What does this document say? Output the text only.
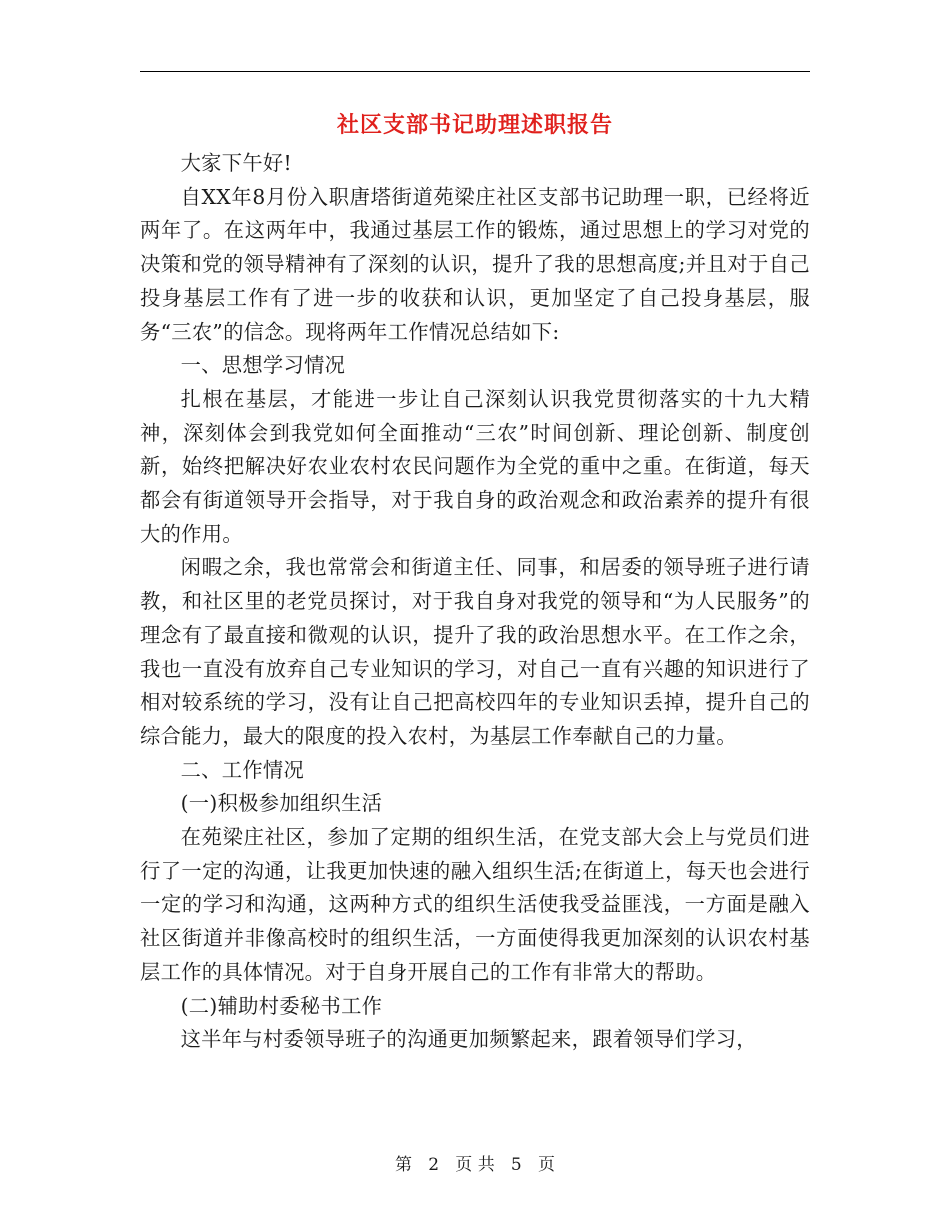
社区支部书记助理述职报告

大家下午好!

自XX年8月份入职唐塔街道苑梁庄社区支部书记助理一职，已经将近两年了。在这两年中，我通过基层工作的锻炼，通过思想上的学习对党的决策和党的领导精神有了深刻的认识，提升了我的思想高度;并且对于自己投身基层工作有了进一步的收获和认识，更加坚定了自己投身基层，服务“三农”的信念。现将两年工作情况总结如下:

一、思想学习情况

扎根在基层，才能进一步让自己深刻认识我党贯彻落实的十九大精神，深刻体会到我党如何全面推动“三农”时间创新、理论创新、制度创新，始终把解决好农业农村农民问题作为全党的重中之重。在街道，每天都会有街道领导开会指导，对于我自身的政治观念和政治素养的提升有很大的作用。

闲暇之余，我也常常会和街道主任、同事，和居委的领导班子进行请教，和社区里的老党员探讨，对于我自身对我党的领导和“为人民服务”的理念有了最直接和微观的认识，提升了我的政治思想水平。在工作之余，我也一直没有放弃自己专业知识的学习，对自己一直有兴趣的知识进行了相对较系统的学习，没有让自己把高校四年的专业知识丢掉，提升自己的综合能力，最大的限度的投入农村，为基层工作奉献自己的力量。

二、工作情况

(一)积极参加组织生活

在苑梁庄社区，参加了定期的组织生活，在党支部大会上与党员们进行了一定的沟通，让我更加快速的融入组织生活;在街道上，每天也会进行一定的学习和沟通，这两种方式的组织生活使我受益匪浅，一方面是融入社区街道并非像高校时的组织生活，一方面使得我更加深刻的认识农村基层工作的具体情况。对于自身开展自己的工作有非常大的帮助。

(二)辅助村委秘书工作

这半年与村委领导班子的沟通更加频繁起来，跟着领导们学习，

第 2 页 共 5 页
